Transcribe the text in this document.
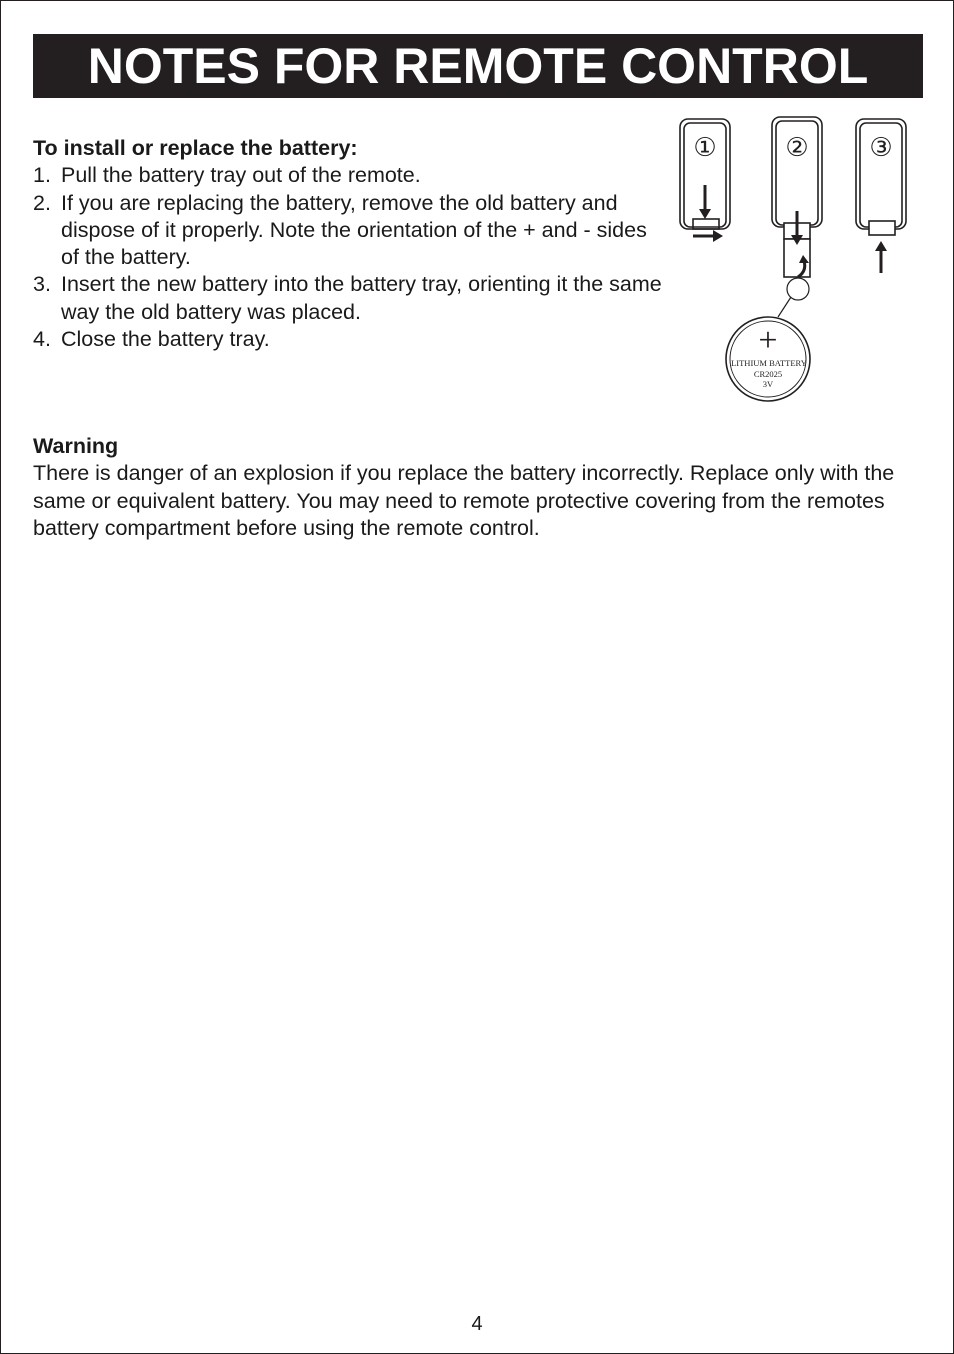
NOTES FOR REMOTE CONTROL

To install or replace the battery:

1. Pull the battery tray out of the remote.
2. If you are replacing the battery, remove the old battery and dispose of it properly. Note the orientation of the + and - sides of the battery.
3. Insert the new battery into the battery tray, orienting it the same way the old battery was placed.
4. Close the battery tray.
①	② ③
+
LITHIUM BATTERY
CR2025
3V

Warning

There is danger of an explosion if you replace the battery incorrectly. Replace only with the same or equivalent battery. You may need to remote protective covering from the remotes battery compartment before using the remote control.

4
